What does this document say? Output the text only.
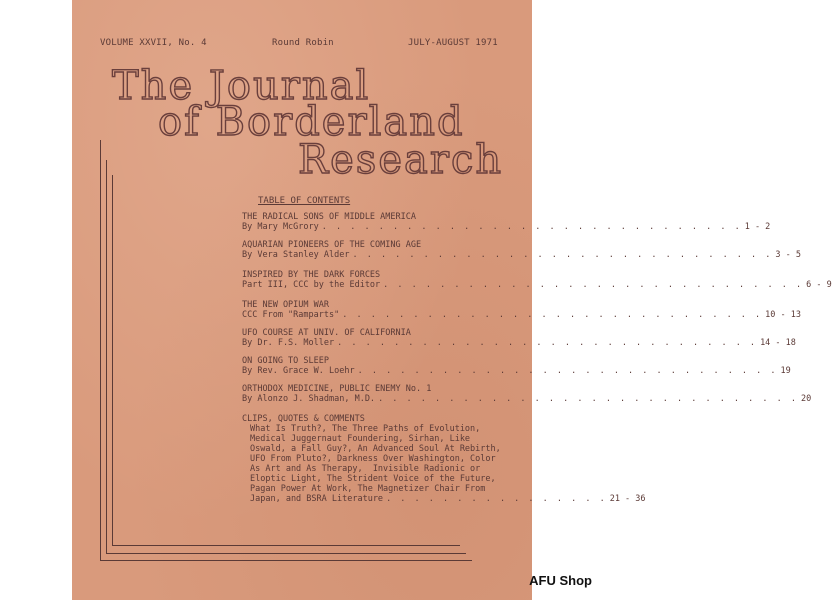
VOLUME XXVII, No. 4	Round Robin	JULY-AUGUST 1971
The Journal
of Borderland
Research
TABLE OF CONTENTS
THE RADICAL SONS OF MIDDLE AMERICA
By Mary McGrory . . . . . . . . . . . . . . . . . . . . . . . . . . . . . . 1 - 2
AQUARIAN PIONEERS OF THE COMING AGE
By Vera Stanley Alder . . . . . . . . . . . . . . . . . . . . . . . . . . . . . . 3 - 5
INSPIRED BY THE DARK FORCES
Part III, CCC by the Editor . . . . . . . . . . . . . . . . . . . . . . . . . . . . . . 6 - 9
THE NEW OPIUM WAR
CCC From "Ramparts" . . . . . . . . . . . . . . . . . . . . . . . . . . . . . . 10 - 13
UFO COURSE AT UNIV. OF CALIFORNIA
By Dr. F.S. Moller . . . . . . . . . . . . . . . . . . . . . . . . . . . . . . 14 - 18
ON GOING TO SLEEP
By Rev. Grace W. Loehr . . . . . . . . . . . . . . . . . . . . . . . . . . . . . . 19
ORTHODOX MEDICINE, PUBLIC ENEMY No. 1
By Alonzo J. Shadman, M.D. . . . . . . . . . . . . . . . . . . . . . . . . . . . . . . 20
CLIPS, QUOTES & COMMENTS
What Is Truth?, The Three Paths of Evolution,
Medical Juggernaut Foundering, Sirhan, Like
Oswald, a Fall Guy?, An Advanced Soul At Rebirth,
UFO From Pluto?, Darkness Over Washington, Color
As Art and As Therapy,  Invisible Radionic or
Eloptic Light, The Strident Voice of the Future,
Pagan Power At Work, The Magnetizer Chair From
Japan, and BSRA Literature . . . . . . . . . . . . . . . . 21 - 36
AFU Shop
